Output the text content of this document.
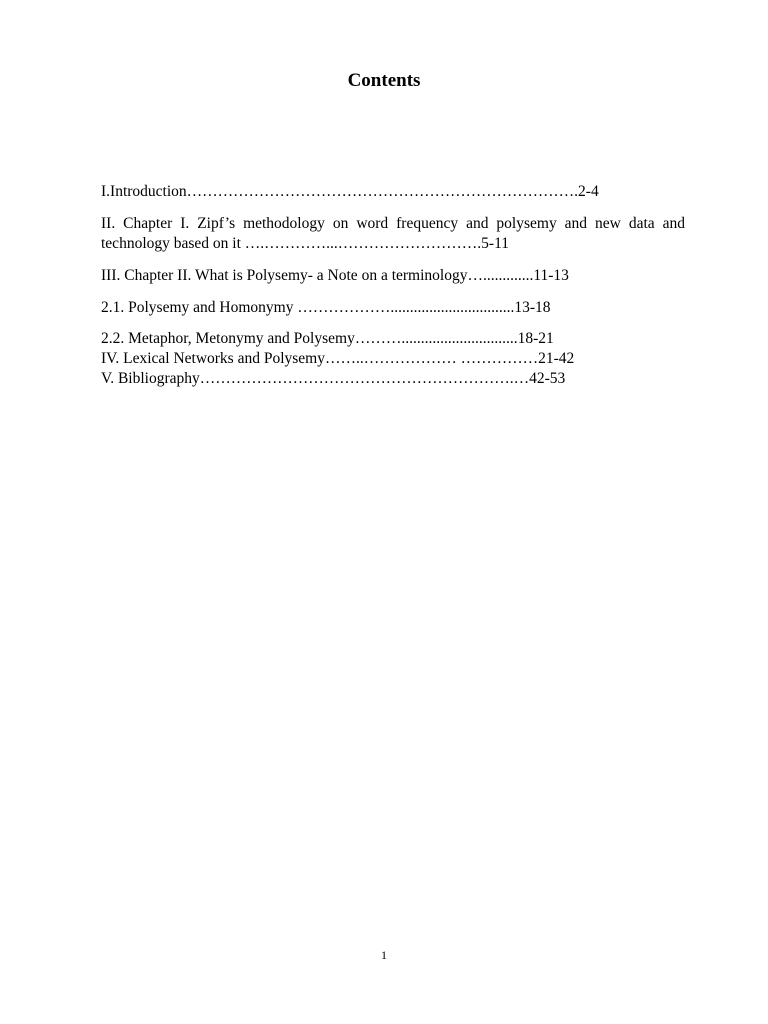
Contents

I.Introduction………………………………………………………………….2-4

II. Chapter I. Zipf’s methodology on word frequency and polysemy and new data and technology based on it ….…………...……………………….5-11

III. Chapter II. What is Polysemy- a Note on a terminology….............11-13

2.1. Polysemy and Homonymy ………………................................13-18

2.2. Metaphor, Metonymy and Polysemy………..............................18-21

IV. Lexical Networks and Polysemy……..……………… ……………21-42

V. Bibliography…………………………………………………….…42-53

1
